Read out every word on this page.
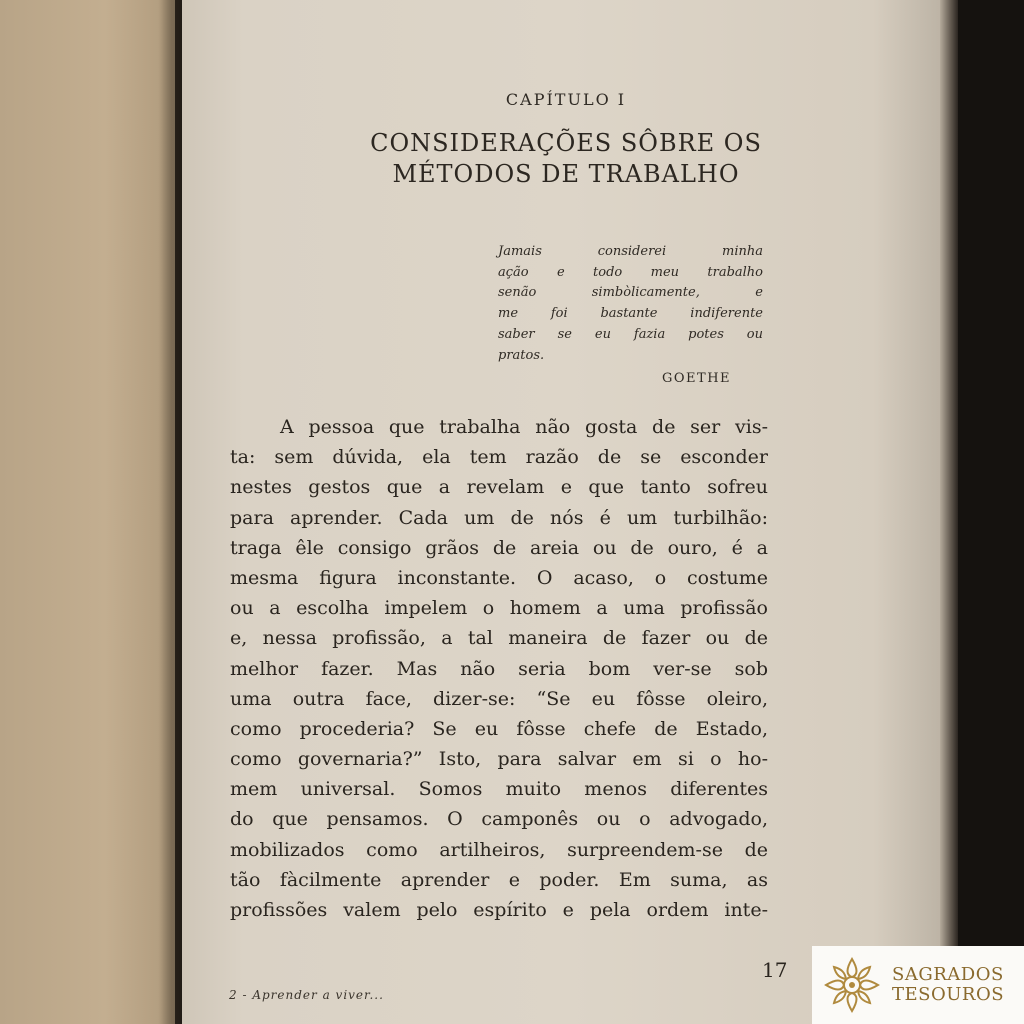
CAPÍTULO I
CONSIDERAÇÕES SÔBRE OS
MÉTODOS DE TRABALHO
Jamais considerei minha
ação e todo meu trabalho
senão simbòlicamente, e
me foi bastante indiferente
saber se eu fazia potes ou
pratos.
GOETHE
A pessoa que trabalha não gosta de ser vis-
ta: sem dúvida, ela tem razão de se esconder
nestes gestos que a revelam e que tanto sofreu
para aprender. Cada um de nós é um turbilhão:
traga êle consigo grãos de areia ou de ouro, é a
mesma figura inconstante. O acaso, o costume
ou a escolha impelem o homem a uma profissão
e, nessa profissão, a tal maneira de fazer ou de
melhor fazer. Mas não seria bom ver-se sob
uma outra face, dizer-se: “Se eu fôsse oleiro,
como procederia? Se eu fôsse chefe de Estado,
como governaria?” Isto, para salvar em si o ho-
mem universal. Somos muito menos diferentes
do que pensamos. O camponês ou o advogado,
mobilizados como artilheiros, surpreendem-se de
tão fàcilmente aprender e poder. Em suma, as
profissões valem pelo espírito e pela ordem inte-
17
2 - Aprender a viver...
SAGRADOS
TESOUROS
